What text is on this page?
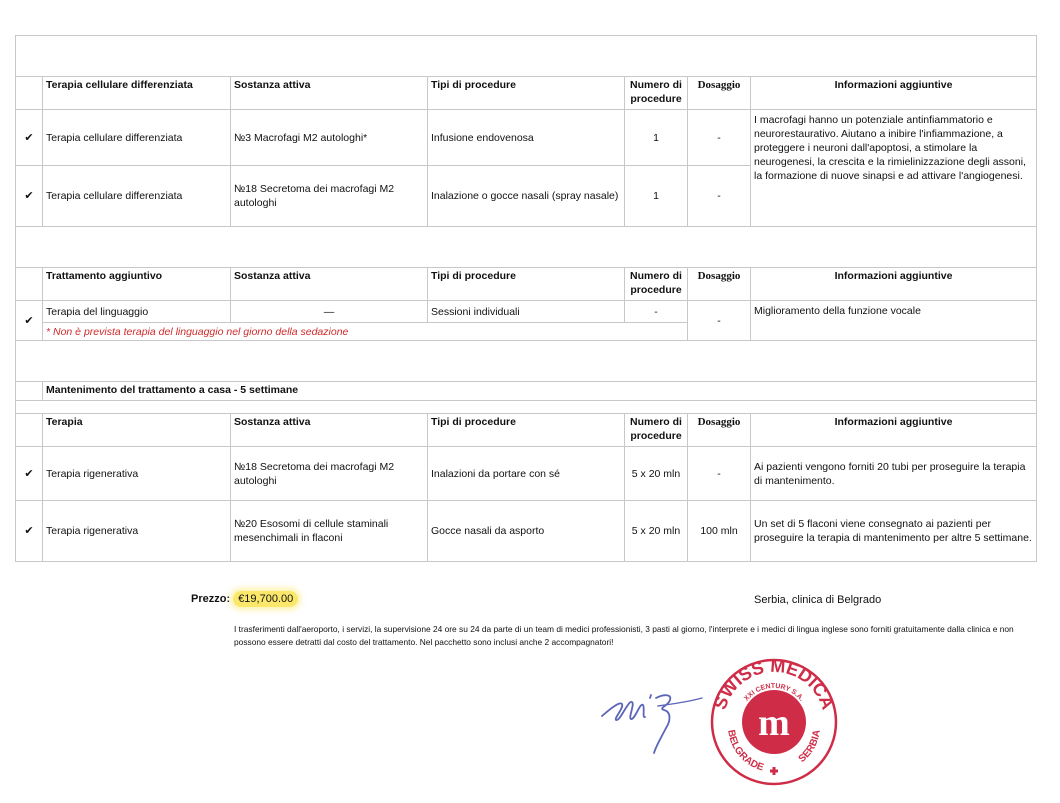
	Terapia cellulare differenziata	Sostanza attiva	Tipi di procedure	Numero di procedure	Dosaggio	Informazioni aggiuntive
✔	Terapia cellulare differenziata	№3 Macrofagi M2 autologhi*	Infusione endovenosa	1	-	I macrofagi hanno un potenziale antinfiammatorio e neurorestaurativo. Aiutano a inibire l'infiammazione, a proteggere i neuroni dall'apoptosi, a stimolare la neurogenesi, la crescita e la rimielinizzazione degli assoni, la formazione di nuove sinapsi e ad attivare l'angiogenesi.
✔	Terapia cellulare differenziata	№18 Secretoma dei macrofagi M2 autologhi	Inalazione o gocce nasali (spray nasale)	1	-	

	Trattamento aggiuntivo	Sostanza attiva	Tipi di procedure	Numero di procedure	Dosaggio	Informazioni aggiuntive
✔	Terapia del linguaggio	—	Sessioni individuali	-	-	Miglioramento della funzione vocale
	* Non è prevista terapia del linguaggio nel giorno della sedazione					

	Mantenimento del trattamento a casa - 5 settimane					

	Terapia	Sostanza attiva	Tipi di procedure	Numero di procedure	Dosaggio	Informazioni aggiuntive
✔	Terapia rigenerativa	№18 Secretoma dei macrofagi M2 autologhi	Inalazioni da portare con sé	5 x 20 mln	-	Ai pazienti vengono forniti 20 tubi per proseguire la terapia di mantenimento.
✔	Terapia rigenerativa	№20 Esosomi di cellule staminali mesenchimali in flaconi	Gocce nasali da asporto	5 x 20 mln	100 mln	Un set di 5 flaconi viene consegnato ai pazienti per proseguire la terapia di mantenimento per altre 5 settimane.
Prezzo: €19,700.00	Serbia, clinica di Belgrado
I trasferimenti dall'aeroporto, i servizi, la supervisione 24 ore su 24 da parte di un team di medici professionisti, 3 pasti al giorno, l'interprete e i medici di lingua inglese sono forniti gratuitamente dalla clinica e non possono essere detratti dal costo del trattamento. Nel pacchetto sono inclusi anche 2 accompagnatori!
SWISS MEDICA
XXI CENTURY S.A.
BELGRADE
SERBIA
m
